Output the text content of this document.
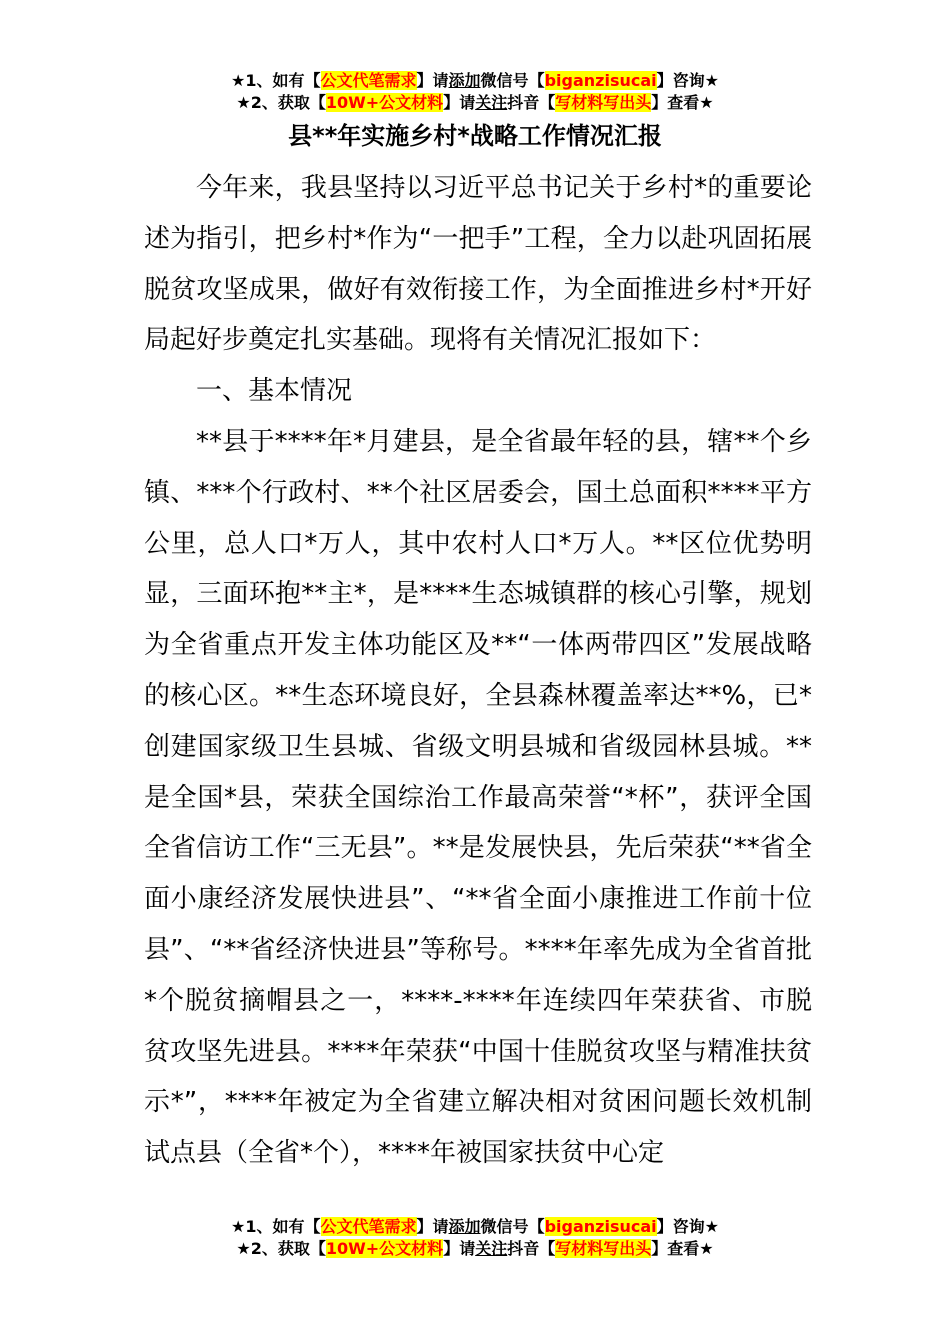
★1、如有【公文代笔需求】请添加微信号【biganzisucai】咨询★
★2、获取【10W+公文材料】请关注抖音【写材料写出头】查看★
县**年实施乡村*战略工作情况汇报

今年来，我县坚持以习近平总书记关于乡村*的重要论述为指引，把乡村*作为“一把手”工程，全力以赴巩固拓展脱贫攻坚成果，做好有效衔接工作，为全面推进乡村*开好局起好步奠定扎实基础。现将有关情况汇报如下：

一、基本情况

**县于****年*月建县，是全省最年轻的县，辖**个乡镇、***个行政村、**个社区居委会，国土总面积****平方公里，总人口*万人，其中农村人口*万人。**区位优势明显，三面环抱**主*，是****生态城镇群的核心引擎，规划为全省重点开发主体功能区及**“一体两带四区”发展战略的核心区。**生态环境良好，全县森林覆盖率达**%，已*创建国家级卫生县城、省级文明县城和省级园林县城。**是全国*县，荣获全国综治工作最高荣誉“*杯”，获评全国全省信访工作“三无县”。**是发展快县，先后荣获“**省全面小康经济发展快进县”、“**省全面小康推进工作前十位县”、“**省经济快进县”等称号。****年率先成为全省首批*个脱贫摘帽县之一，****-****年连续四年荣获省、市脱贫攻坚先进县。****年荣获“中国十佳脱贫攻坚与精准扶贫示*”，****年被定为全省建立解决相对贫困问题长效机制试点县（全省*个），****年被国家扶贫中心定

★1、如有【公文代笔需求】请添加微信号【biganzisucai】咨询★
★2、获取【10W+公文材料】请关注抖音【写材料写出头】查看★
